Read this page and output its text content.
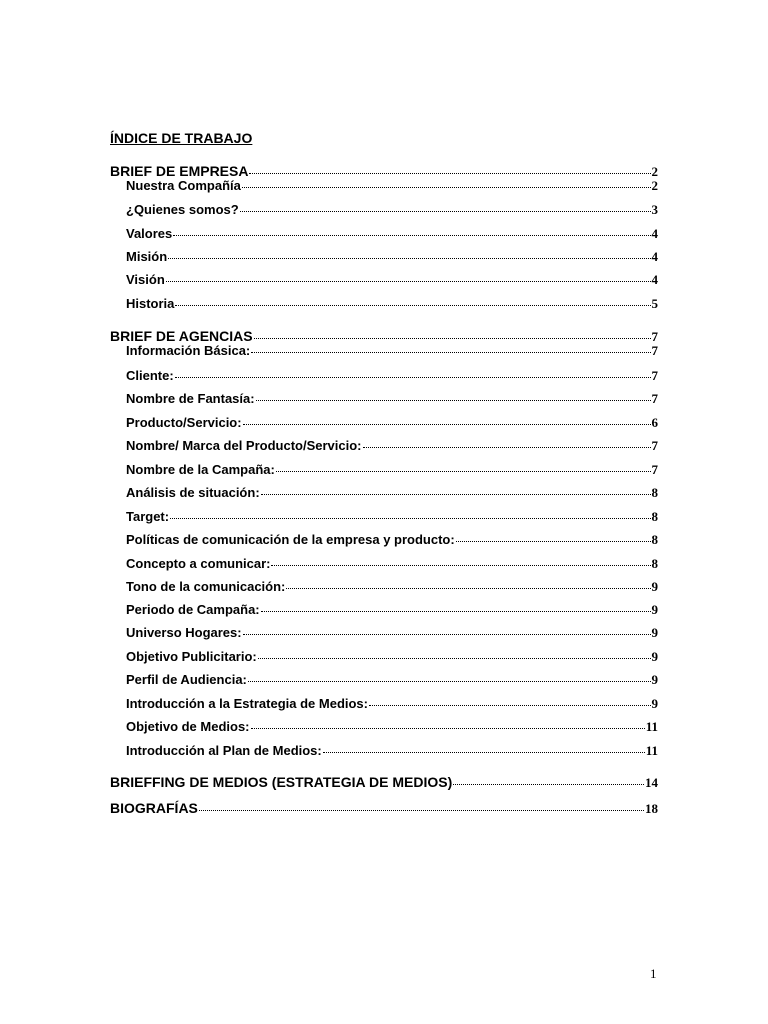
ÍNDICE DE TRABAJO
BRIEF DE EMPRESA	2
Nuestra Compañía	2
¿Quienes somos?	3
Valores	4
Misión	4
Visión	4
Historia	5
BRIEF DE AGENCIAS	7
Información Básica:	7
Cliente:	7
Nombre de Fantasía:	7
Producto/Servicio:	6
Nombre/ Marca del Producto/Servicio:	7
Nombre de la Campaña:	7
Análisis de situación:	8
Target:	8
Políticas de comunicación de la empresa y producto:	8
Concepto a comunicar:	8
Tono de la comunicación:	9
Periodo de Campaña:	9
Universo Hogares:	9
Objetivo Publicitario:	9
Perfil de Audiencia:	9
Introducción a la Estrategia de Medios:	9
Objetivo de Medios:	11
Introducción al Plan de Medios:	11
BRIEFFING DE MEDIOS (ESTRATEGIA DE MEDIOS)	14
BIOGRAFÍAS	18
1
